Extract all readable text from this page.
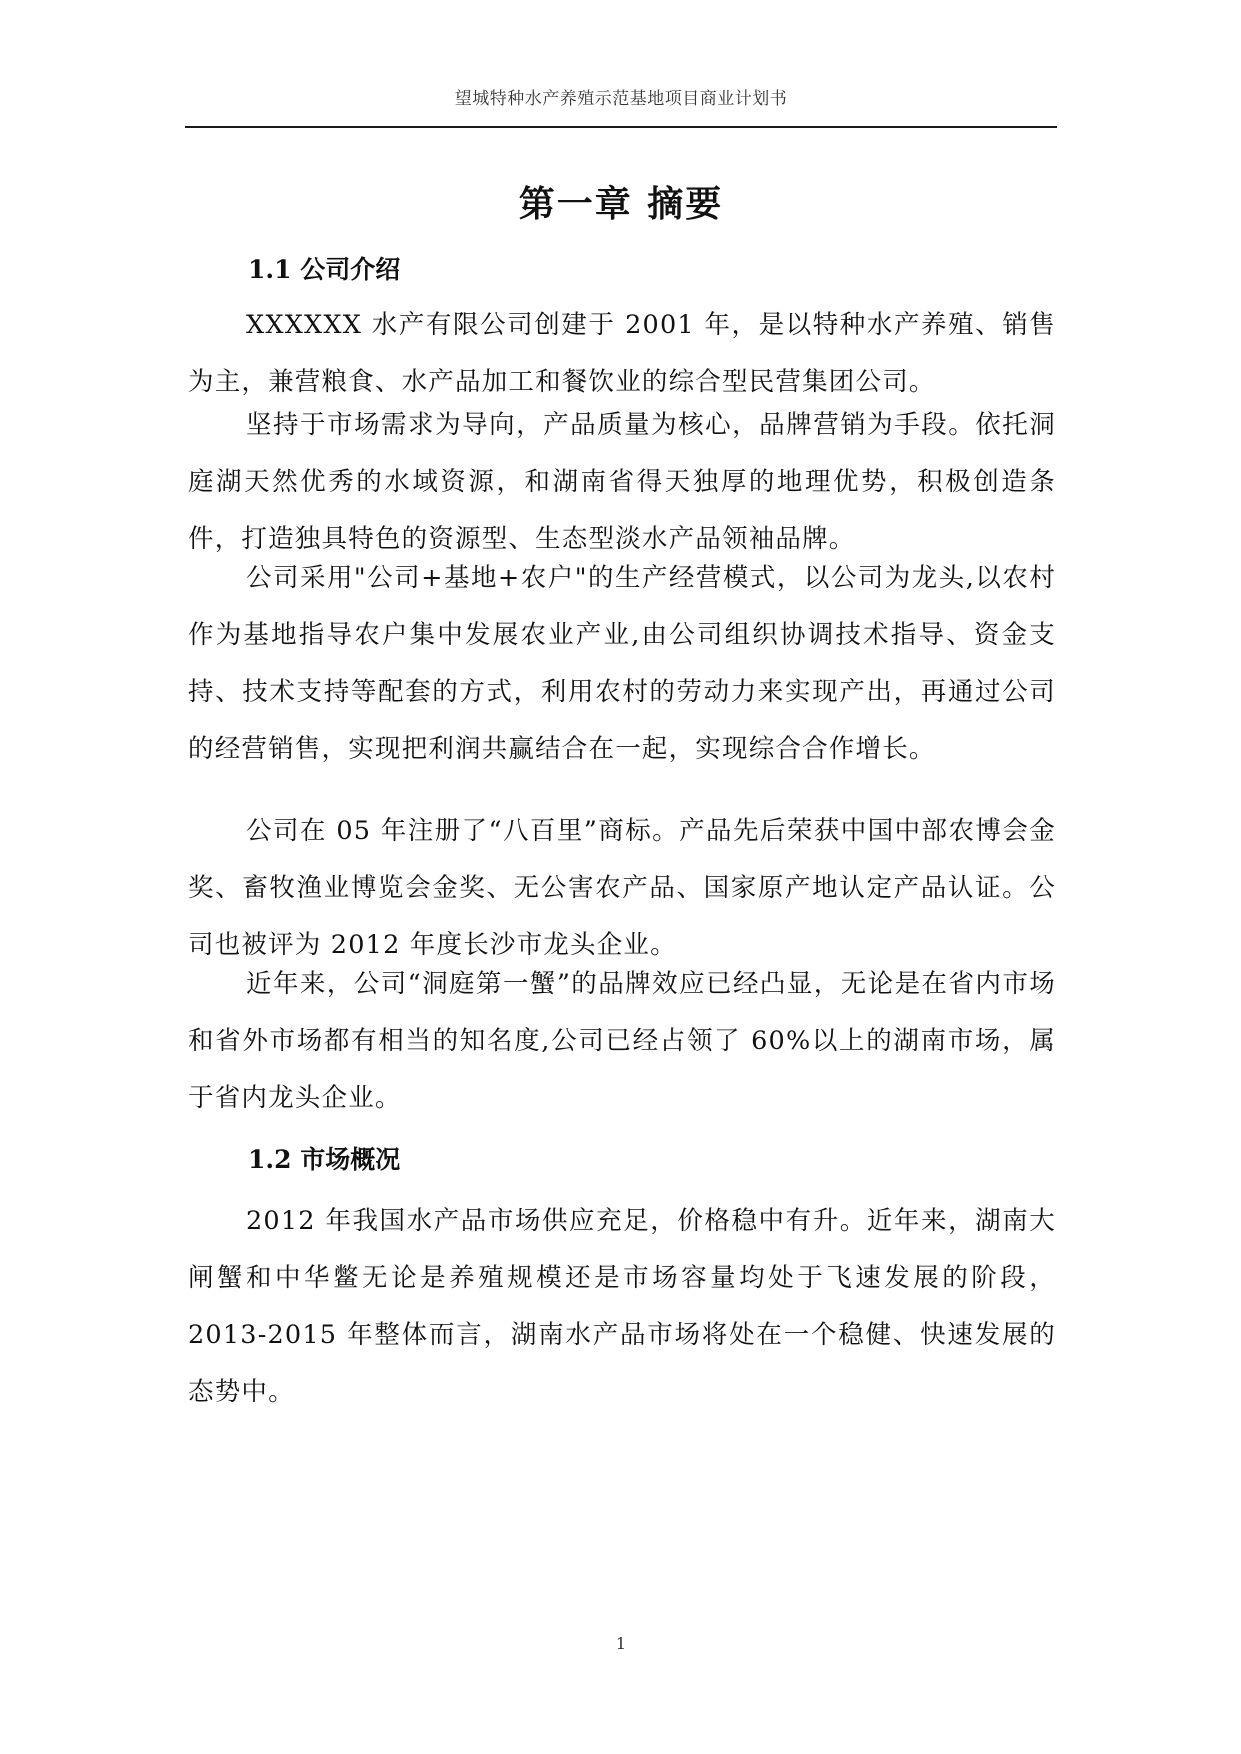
望城特种水产养殖示范基地项目商业计划书
第一章 摘要
1.1 公司介绍
XXXXXX 水产有限公司创建于 2001 年，是以特种水产养殖、销售为主，兼营粮食、水产品加工和餐饮业的综合型民营集团公司。
坚持于市场需求为导向，产品质量为核心，品牌营销为手段。依托洞庭湖天然优秀的水域资源，和湖南省得天独厚的地理优势，积极创造条件，打造独具特色的资源型、生态型淡水产品领袖品牌。
公司采用"公司+基地+农户"的生产经营模式，以公司为龙头,以农村作为基地指导农户集中发展农业产业,由公司组织协调技术指导、资金支持、技术支持等配套的方式，利用农村的劳动力来实现产出，再通过公司的经营销售，实现把利润共赢结合在一起，实现综合合作增长。
公司在 05 年注册了“八百里”商标。产品先后荣获中国中部农博会金奖、畜牧渔业博览会金奖、无公害农产品、国家原产地认定产品认证。公司也被评为 2012 年度长沙市龙头企业。
近年来，公司“洞庭第一蟹”的品牌效应已经凸显，无论是在省内市场和省外市场都有相当的知名度,公司已经占领了 60%以上的湖南市场，属于省内龙头企业。
1.2 市场概况
2012 年我国水产品市场供应充足，价格稳中有升。近年来，湖南大闸蟹和中华鳖无论是养殖规模还是市场容量均处于飞速发展的阶段，2013-2015 年整体而言，湖南水产品市场将处在一个稳健、快速发展的态势中。
1
